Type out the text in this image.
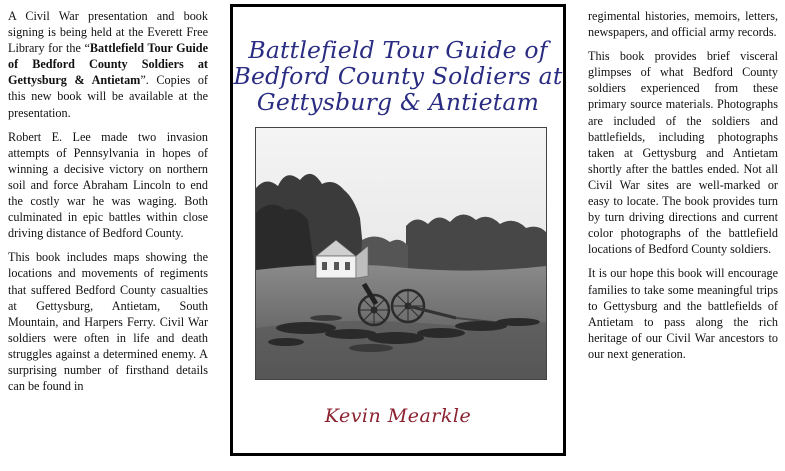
A Civil War presentation and book signing is being held at the Everett Free Library for the “Battlefield Tour Guide of Bedford County Soldiers at Gettysburg & Antietam”. Copies of this new book will be available at the presentation.

Robert E. Lee made two invasion attempts of Pennsylvania in hopes of winning a decisive victory on northern soil and force Abraham Lincoln to end the costly war he was waging. Both culminated in epic battles within close driving distance of Bedford County.

This book includes maps showing the locations and movements of regiments that suffered Bedford County casualties at Gettysburg, Antietam, South Mountain, and Harpers Ferry. Civil War soldiers were often in life and death struggles against a determined enemy. A surprising number of firsthand details can be found in

Battlefield Tour Guide of
Bedford County Soldiers at
Gettysburg & Antietam
Kevin Mearkle

regimental histories, memoirs, letters, newspapers, and official army records.

This book provides brief visceral glimpses of what Bedford County soldiers experienced from these primary source materials. Photographs are included of the soldiers and battlefields, including photographs taken at Gettysburg and Antietam shortly after the battles ended. Not all Civil War sites are well-marked or easy to locate. The book provides turn by turn driving directions and current color photographs of the battlefield locations of Bedford County soldiers.

It is our hope this book will encourage families to take some meaningful trips to Gettysburg and the battlefields of Antietam to pass along the rich heritage of our Civil War ancestors to our next generation.
